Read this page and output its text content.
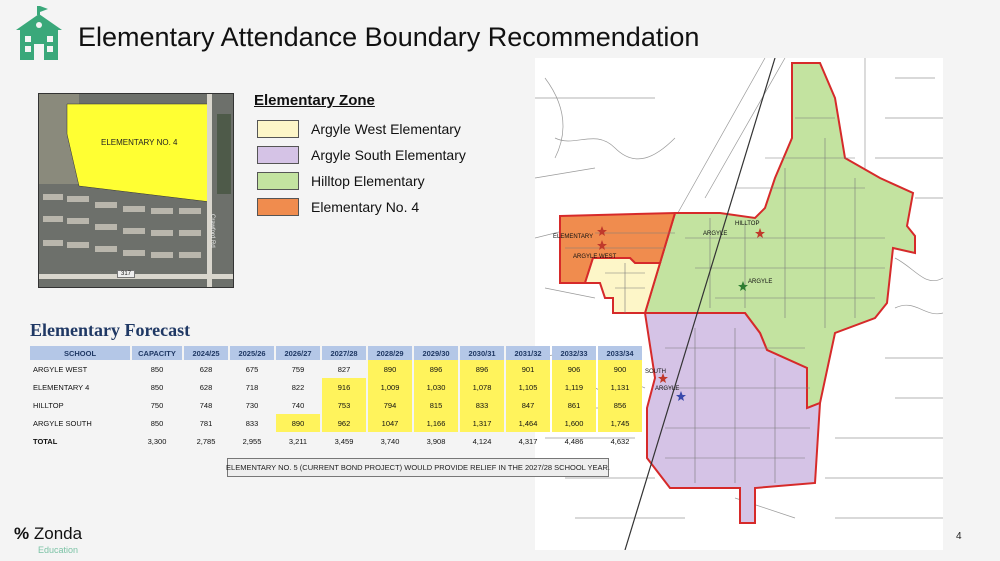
Elementary Attendance Boundary Recommendation
ELEMENTARY NO. 4
317
Crawford Rd
Elementary Zone
Argyle West Elementary
Argyle South Elementary
Hilltop Elementary
Elementary No. 4
ELEMENTARY
ARGYLE WEST
ARGYLE
HILLTOP
ARGYLE
SOUTH
ARGYLE
Elementary Forecast
SCHOOL	CAPACITY	2024/25	2025/26	2026/27	2027/28	2028/29	2029/30	2030/31	2031/32	2032/33	2033/34
ARGYLE WEST	850	628	675	759	827	890	896	896	901	906	900
ELEMENTARY 4	850	628	718	822	916	1,009	1,030	1,078	1,105	1,119	1,131
HILLTOP	750	748	730	740	753	794	815	833	847	861	856
ARGYLE SOUTH	850	781	833	890	962	1047	1,166	1,317	1,464	1,600	1,745
TOTAL	3,300	2,785	2,955	3,211	3,459	3,740	3,908	4,124	4,317	4,486	4,632
ELEMENTARY NO. 5 (CURRENT BOND PROJECT) WOULD PROVIDE RELIEF IN THE 2027/28 SCHOOL YEAR.
% Zonda
Education
4
